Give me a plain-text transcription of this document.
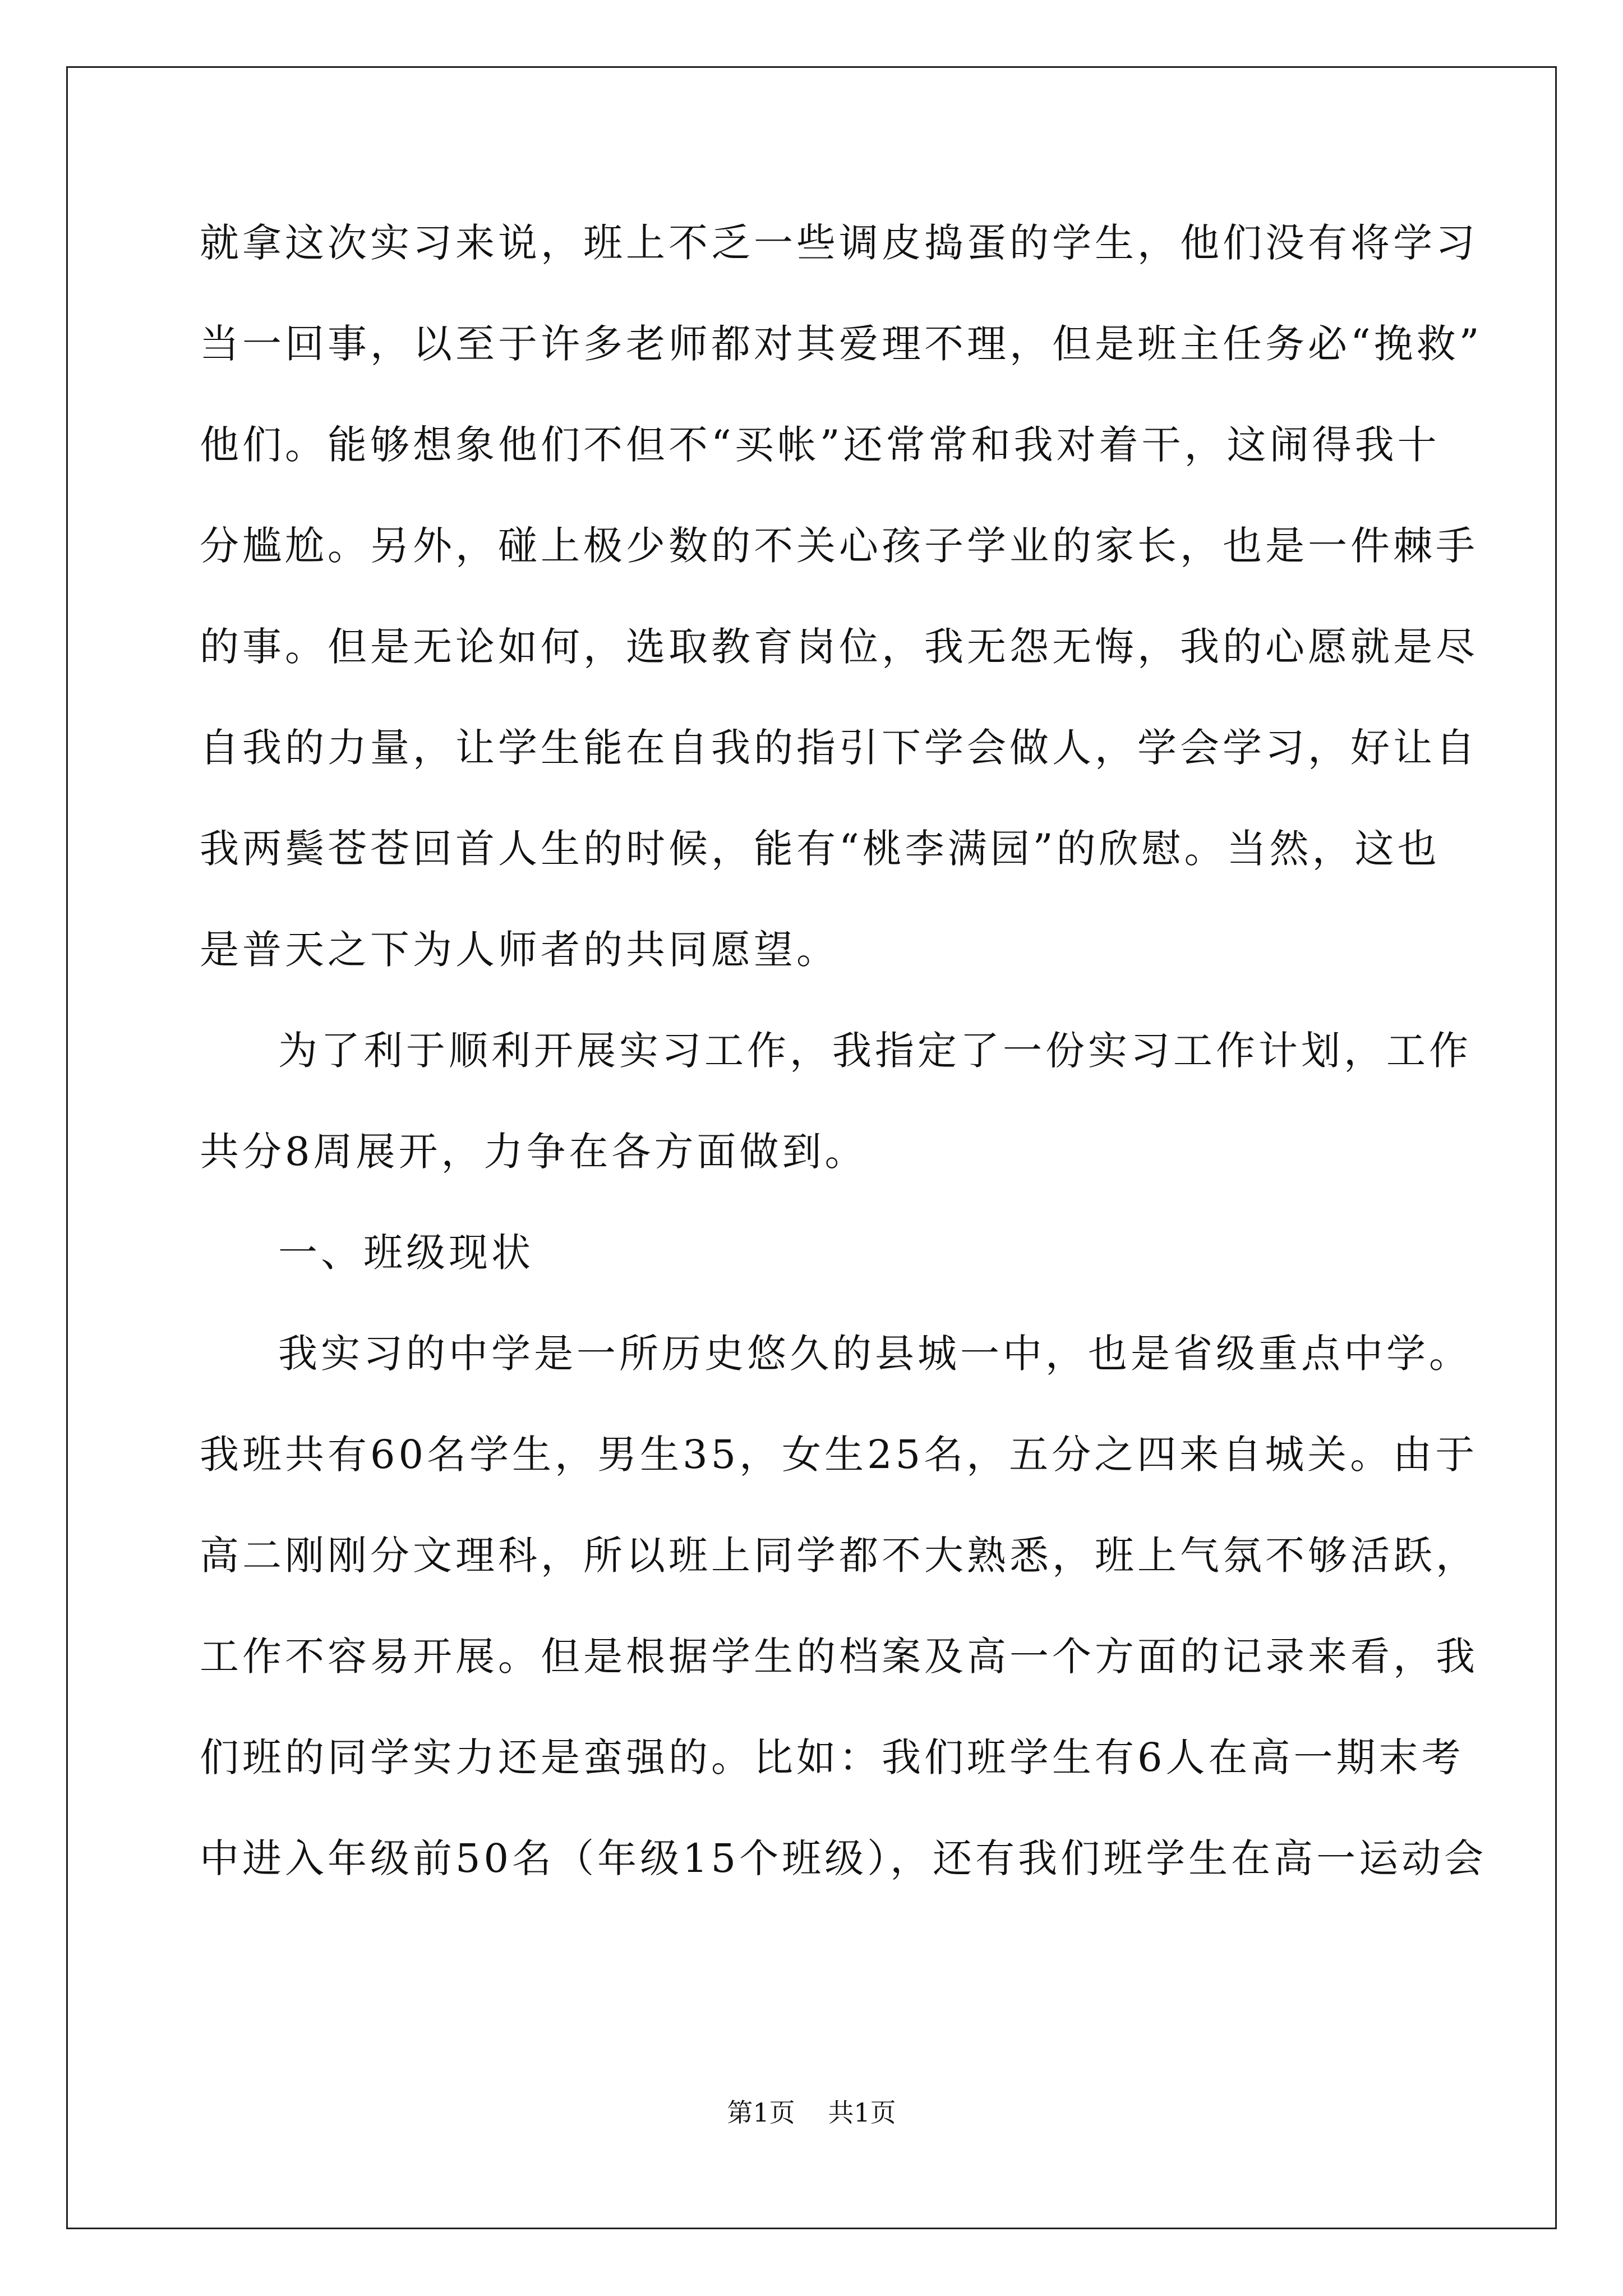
就拿这次实习来说，班上不乏一些调皮捣蛋的学生，他们没有将学习
当一回事，以至于许多老师都对其爱理不理，但是班主任务必“挽救”
他们。能够想象他们不但不“买帐”还常常和我对着干，这闹得我十
分尴尬。另外，碰上极少数的不关心孩子学业的家长，也是一件棘手
的事。但是无论如何，选取教育岗位，我无怨无悔，我的心愿就是尽
自我的力量，让学生能在自我的指引下学会做人，学会学习，好让自
我两鬓苍苍回首人生的时候，能有“桃李满园”的欣慰。当然，这也
是普天之下为人师者的共同愿望。
为了利于顺利开展实习工作，我指定了一份实习工作计划，工作
共分8周展开，力争在各方面做到。
一、班级现状
我实习的中学是一所历史悠久的县城一中，也是省级重点中学。
我班共有60名学生，男生35，女生25名，五分之四来自城关。由于
高二刚刚分文理科，所以班上同学都不大熟悉，班上气氛不够活跃，
工作不容易开展。但是根据学生的档案及高一个方面的记录来看，我
们班的同学实力还是蛮强的。比如：我们班学生有6人在高一期末考
中进入年级前50名（年级15个班级），还有我们班学生在高一运动会
第1页 共1页
